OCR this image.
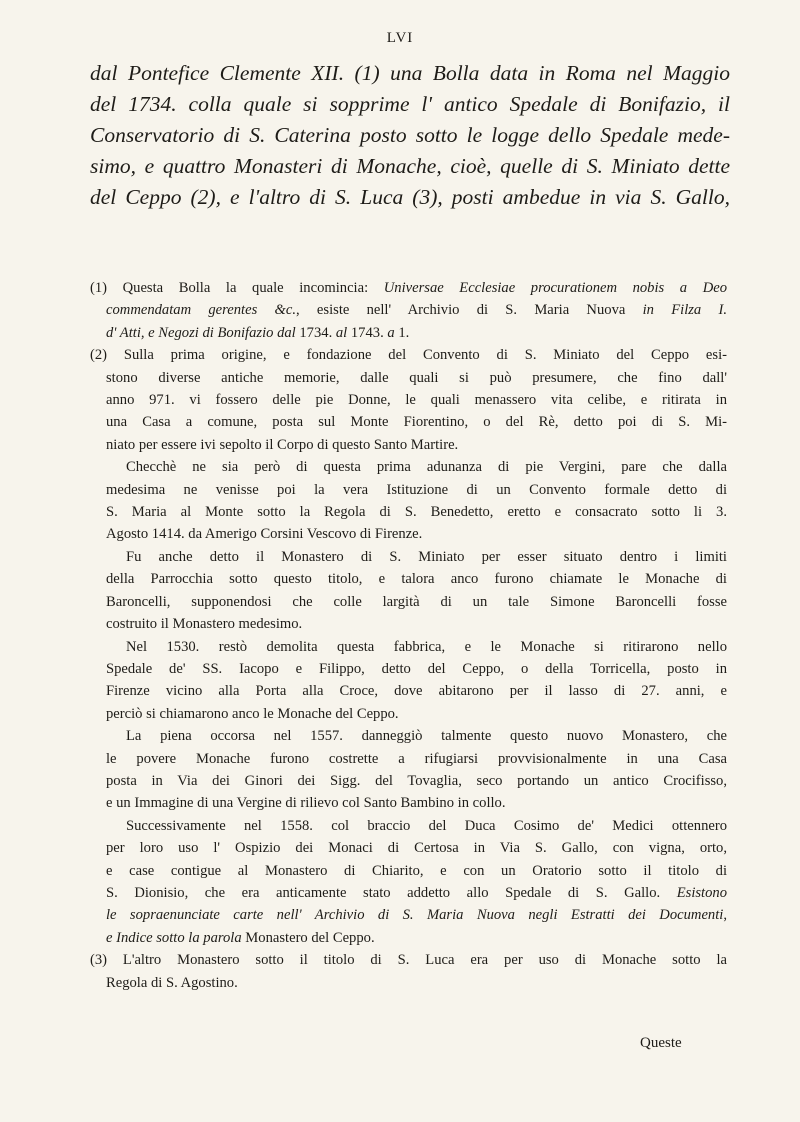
LVI
dal Pontefice Clemente XII. (1) una Bolla data in Roma nel Maggio
del 1734. colla quale si sopprime l' antico Spedale di Bonifazio, il
Conservatorio di S. Caterina posto sotto le logge dello Spedale mede-
simo, e quattro Monasteri di Monache, cioè, quelle di S. Miniato dette
del Ceppo (2), e l'altro di S. Luca (3), posti ambedue in via S. Gallo,
(1) Questa Bolla la quale incomincia: Universae Ecclesiae procurationem nobis a Deo
commendatam gerentes &c., esiste nell' Archivio di S. Maria Nuova in Filza I.
d' Atti, e Negozi di Bonifazio dal 1734. al 1743. a 1.
(2) Sulla prima origine, e fondazione del Convento di S. Miniato del Ceppo esi-
stono diverse antiche memorie, dalle quali si può presumere, che fino dall'
anno 971. vi fossero delle pie Donne, le quali menassero vita celibe, e ritirata in
una Casa a comune, posta sul Monte Fiorentino, o del Rè, detto poi di S. Mi-
niato per essere ivi sepolto il Corpo di questo Santo Martire.
Checchè ne sia però di questa prima adunanza di pie Vergini, pare che dalla
medesima ne venisse poi la vera Istituzione di un Convento formale detto di
S. Maria al Monte sotto la Regola di S. Benedetto, eretto e consacrato sotto li 3.
Agosto 1414. da Amerigo Corsini Vescovo di Firenze.
Fu anche detto il Monastero di S. Miniato per esser situato dentro i limiti
della Parrocchia sotto questo titolo, e talora anco furono chiamate le Monache di
Baroncelli, supponendosi che colle largità di un tale Simone Baroncelli fosse
costruito il Monastero medesimo.
Nel 1530. restò demolita questa fabbrica, e le Monache si ritirarono nello
Spedale de' SS. Iacopo e Filippo, detto del Ceppo, o della Torricella, posto in
Firenze vicino alla Porta alla Croce, dove abitarono per il lasso di 27. anni, e
perciò si chiamarono anco le Monache del Ceppo.
La piena occorsa nel 1557. danneggiò talmente questo nuovo Monastero, che
le povere Monache furono costrette a rifugiarsi provvisionalmente in una Casa
posta in Via dei Ginori dei Sigg. del Tovaglia, seco portando un antico Crocifisso,
e un Immagine di una Vergine di rilievo col Santo Bambino in collo.
Successivamente nel 1558. col braccio del Duca Cosimo de' Medici ottennero
per loro uso l' Ospizio dei Monaci di Certosa in Via S. Gallo, con vigna, orto,
e case contigue al Monastero di Chiarito, e con un Oratorio sotto il titolo di
S. Dionisio, che era anticamente stato addetto allo Spedale di S. Gallo. Esistono
le sopraenunciate carte nell' Archivio di S. Maria Nuova negli Estratti dei Documenti,
e Indice sotto la parola Monastero del Ceppo.
(3) L'altro Monastero sotto il titolo di S. Luca era per uso di Monache sotto la
Regola di S. Agostino.
Queste
